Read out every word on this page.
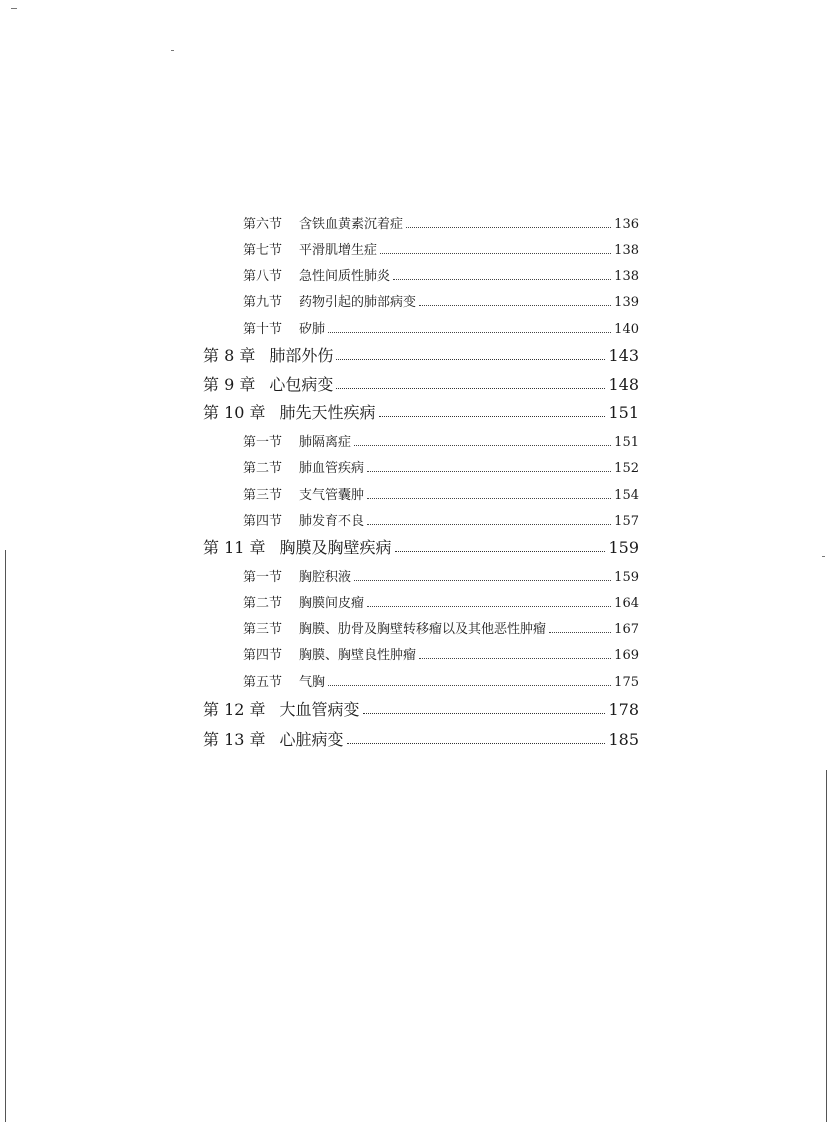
第六节	含铁血黄素沉着症	136
第七节	平滑肌增生症	138
第八节	急性间质性肺炎	138
第九节	药物引起的肺部病变	139
第十节	矽肺	140
第 8 章 肺部外伤	143
第 9 章 心包病变	148
第 10 章 肺先天性疾病	151
第一节	肺隔离症	151
第二节	肺血管疾病	152
第三节	支气管囊肿	154
第四节	肺发育不良	157
第 11 章 胸膜及胸壁疾病	159
第一节	胸腔积液	159
第二节	胸膜间皮瘤	164
第三节	胸膜、肋骨及胸壁转移瘤以及其他恶性肿瘤	167
第四节	胸膜、胸壁良性肿瘤	169
第五节	气胸	175
第 12 章 大血管病变	178
第 13 章 心脏病变	185
